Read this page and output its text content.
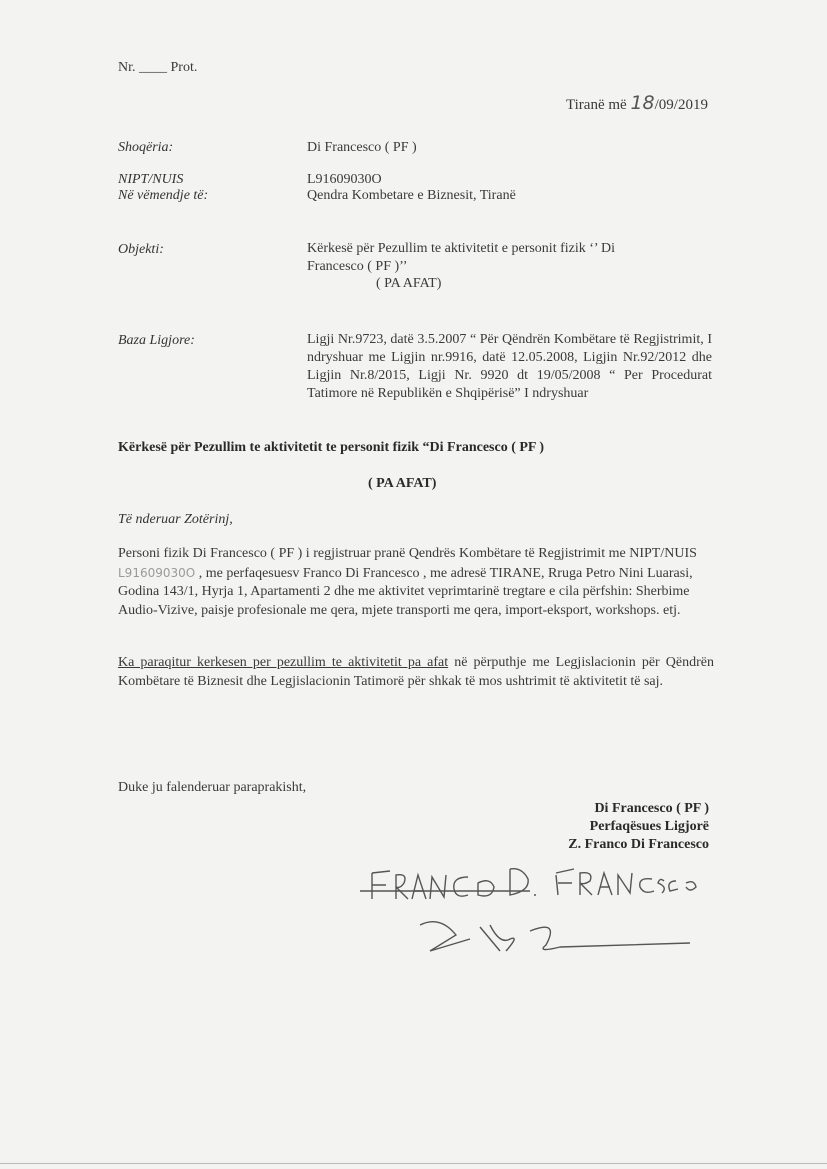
Nr. ____ Prot.
Tiranë më 18/09/2019
Shoqëria:	Di Francesco ( PF )
NIPT/NUIS	L91609030O
Në vëmendje të:	Qendra Kombetare e Biznesit, Tiranë
Objekti:	Kërkesë për Pezullim te aktivitetit e personit fizik ‘’ Di Francesco ( PF )’’
( PA AFAT)
Baza Ligjore:	Ligji Nr.9723, datë 3.5.2007 “ Për Qëndrën Kombëtare të Regjistrimit, I ndryshuar me Ligjin nr.9916, datë 12.05.2008, Ligjin Nr.92/2012 dhe Ligjin Nr.8/2015, Ligji Nr. 9920 dt 19/05/2008 “ Per Procedurat Tatimore në Republikën e Shqipërisë” I ndryshuar
Kërkesë për Pezullim te aktivitetit te personit fizik “Di Francesco ( PF )
( PA AFAT)
Të nderuar Zotërinj,
Personi fizik Di Francesco ( PF ) i regjistruar pranë Qendrës Kombëtare të Regjistrimit me NIPT/NUIS L91609030O , me perfaqesuesv Franco Di Francesco , me adresë TIRANE, Rruga Petro Nini Luarasi, Godina 143/1, Hyrja 1, Apartamenti 2 dhe me aktivitet veprimtarinë tregtare e cila përfshin: Sherbime Audio-Vizive, paisje profesionale me qera, mjete transporti me qera, import-eksport, workshops. etj.
Ka paraqitur kerkesen per pezullim te aktivitetit pa afat në përputhje me Legjislacionin për Qëndrën Kombëtare të Biznesit dhe Legjislacionin Tatimorë për shkak të mos ushtrimit të aktivitetit të saj.
Duke ju falenderuar paraprakisht,
Di Francesco ( PF )
Perfaqësues Ligjorë
Z. Franco Di Francesco
